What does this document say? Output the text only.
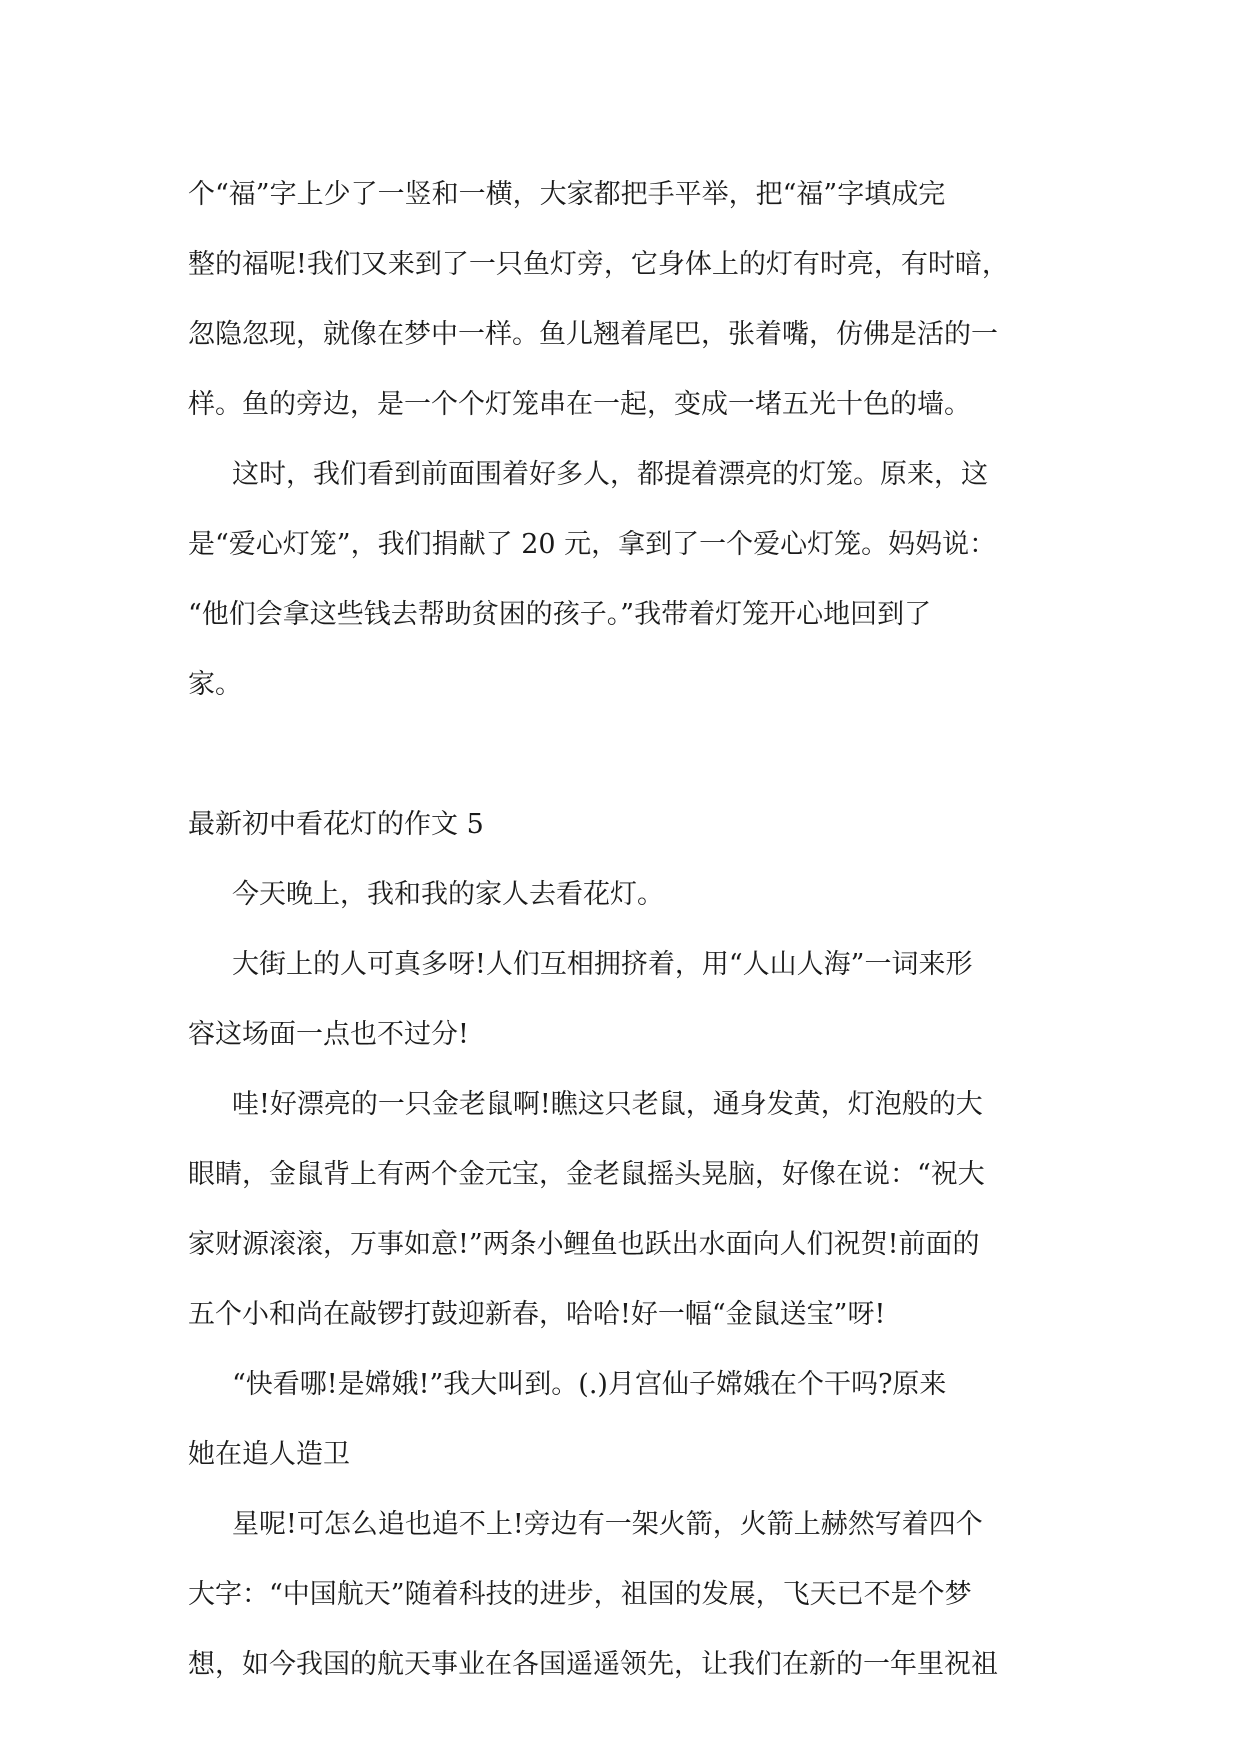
个“福”字上少了一竖和一横，大家都把手平举，把“福”字填成完
整的福呢!我们又来到了一只鱼灯旁，它身体上的灯有时亮，有时暗，
忽隐忽现，就像在梦中一样。鱼儿翘着尾巴，张着嘴，仿佛是活的一
样。鱼的旁边，是一个个灯笼串在一起，变成一堵五光十色的墙。
这时，我们看到前面围着好多人，都提着漂亮的灯笼。原来，这
是“爱心灯笼”，我们捐献了 20 元，拿到了一个爱心灯笼。妈妈说：
“他们会拿这些钱去帮助贫困的孩子。”我带着灯笼开心地回到了
家。
最新初中看花灯的作文 5
今天晚上，我和我的家人去看花灯。
大街上的人可真多呀!人们互相拥挤着，用“人山人海”一词来形
容这场面一点也不过分!
哇!好漂亮的一只金老鼠啊!瞧这只老鼠，通身发黄，灯泡般的大
眼睛，金鼠背上有两个金元宝，金老鼠摇头晃脑，好像在说：“祝大
家财源滚滚，万事如意!”两条小鲤鱼也跃出水面向人们祝贺!前面的
五个小和尚在敲锣打鼓迎新春，哈哈!好一幅“金鼠送宝”呀!
“快看哪!是嫦娥!”我大叫到。(.)月宫仙子嫦娥在个干吗?原来
她在追人造卫
星呢!可怎么追也追不上!旁边有一架火箭，火箭上赫然写着四个
大字：“中国航天”随着科技的进步，祖国的发展，飞天已不是个梦
想，如今我国的航天事业在各国遥遥领先，让我们在新的一年里祝祖
